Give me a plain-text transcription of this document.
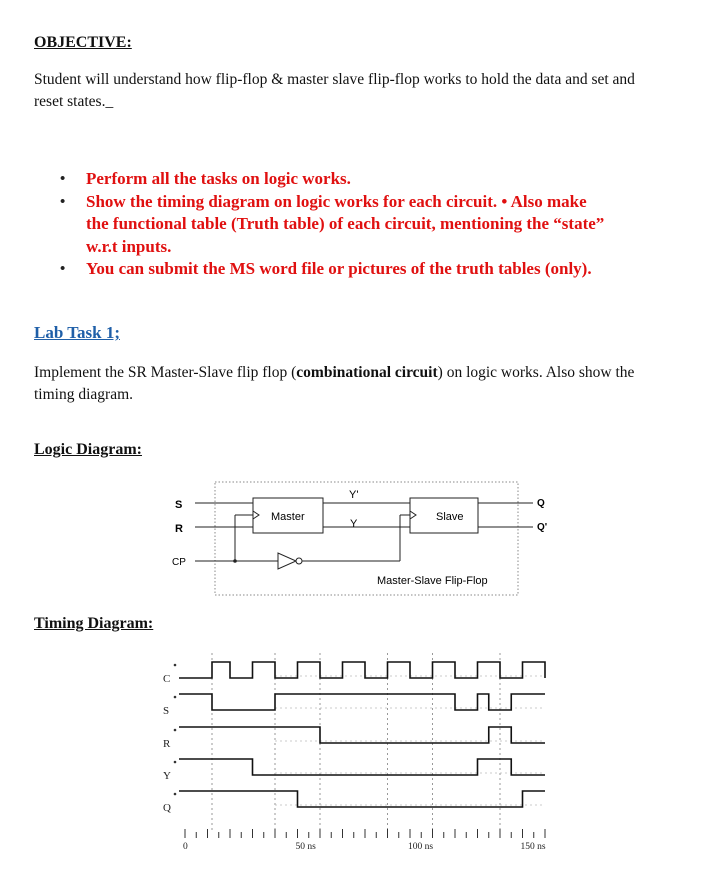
OBJECTIVE:
Student will understand how flip-flop & master slave flip-flop works to hold the data and set and
reset states._
• Perform all the tasks on logic works.
• Show the timing diagram on logic works for each circuit. • Also make
the functional table (Truth table) of each circuit, mentioning the “state”
w.r.t inputs.
• You can submit the MS word file or pictures of the truth tables (only).
Lab Task 1;
Implement the SR Master-Slave flip flop (combinational circuit) on logic works. Also show the
timing diagram.
Logic Diagram:
S
R
CP
Master
Y'
Y
Slave
Q
Q'
Master-Slave Flip-Flop
Timing Diagram:
C
S
R
Y
Q
0	50 ns	100 ns	150 ns
